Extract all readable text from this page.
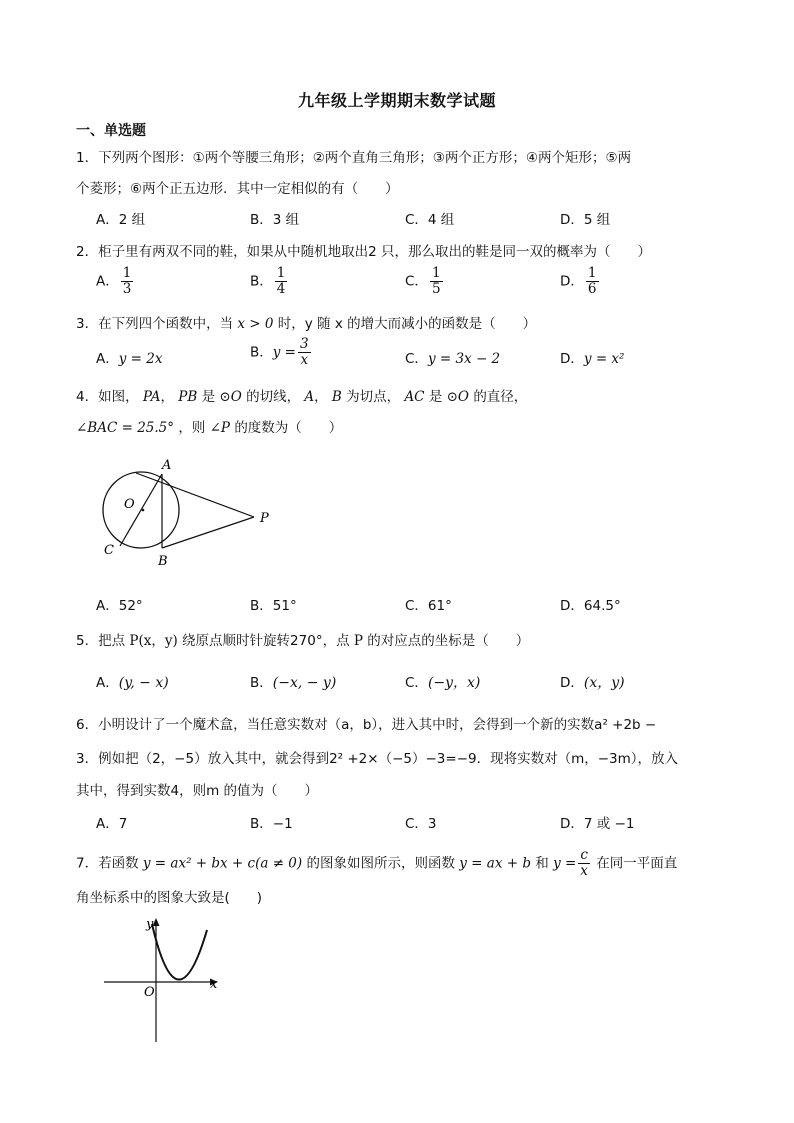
九年级上学期期末数学试题
一、单选题
1．下列两个图形：①两个等腰三角形；②两个直角三角形；③两个正方形；④两个矩形；⑤两
个菱形；⑥两个正五边形．其中一定相似的有（　　）
A．2 组	B．3 组	C．4 组	D．5 组
2．柜子里有两双不同的鞋，如果从中随机地取出2 只，那么取出的鞋是同一双的概率为（　　）
A． $\frac{1}{3}$	B． $\frac{1}{4}$	C． $\frac{1}{5}$	D． $\frac{1}{6}$
3．在下列四个函数中，当 x > 0 时，y 随 x 的增大而减小的函数是（　　）
A．y = 2x	B．$y = \frac{3}{x}$	C．y = 3x − 2	D．y = x²
4．如图， PA， PB 是 ⊙O 的切线， A， B 为切点， AC 是 ⊙O 的直径，
∠BAC = 25.5° ，则 ∠P 的度数为（　　）
A
O
P
C
B
A．52°	B．51°	C．61°	D．64.5°
5．把点 P(x，y) 绕原点顺时针旋转270°，点 P 的对应点的坐标是（　　）
A．(y, − x)	B．(−x, − y)	C．(−y，x)	D．(x，y)
6．小明设计了一个魔术盒，当任意实数对（a，b），进入其中时，会得到一个新的实数a² +2b −
3．例如把（2，−5）放入其中，就会得到2² +2×（−5）−3=−9．现将实数对（m，−3m），放入
其中，得到实数4，则m 的值为（　　）
A．7	B．−1	C．3	D．7 或 −1
7．若函数 y = ax² + bx + c(a ≠ 0) 的图象如图所示，则函数 y = ax + b 和 $y = \frac{c}{x}$ 在同一平面直
角坐标系中的图象大致是(　　)
y
x
O
